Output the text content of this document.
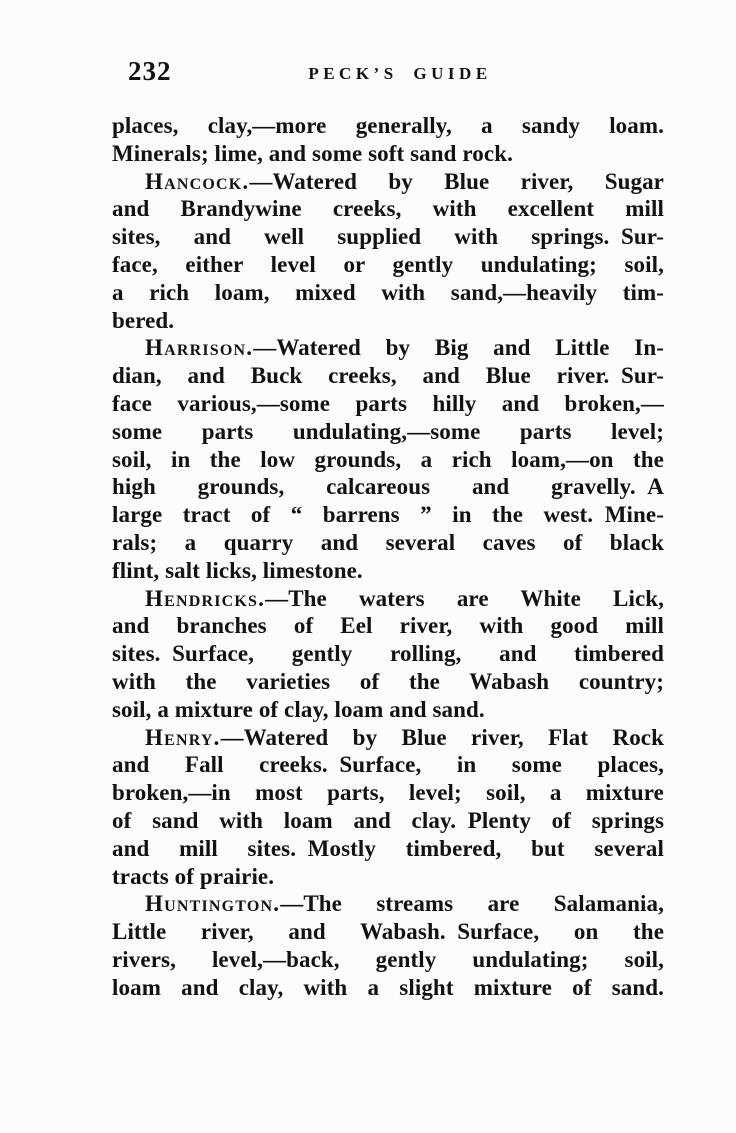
232	PECK’S GUIDE
places, clay,—more generally, a sandy loam.
Minerals; lime, and some soft sand rock.
Hancock.—Watered by Blue river, Sugar
and Brandywine creeks, with excellent mill
sites, and well supplied with springs. Sur-
face, either level or gently undulating; soil,
a rich loam, mixed with sand,—heavily tim-
bered.
Harrison.—Watered by Big and Little In-
dian, and Buck creeks, and Blue river. Sur-
face various,—some parts hilly and broken,—
some parts undulating,—some parts level;
soil, in the low grounds, a rich loam,—on the
high grounds, calcareous and gravelly. A
large tract of “ barrens ” in the west. Mine-
rals; a quarry and several caves of black
flint, salt licks, limestone.
Hendricks.—The waters are White Lick,
and branches of Eel river, with good mill
sites. Surface, gently rolling, and timbered
with the varieties of the Wabash country;
soil, a mixture of clay, loam and sand.
Henry.—Watered by Blue river, Flat Rock
and Fall creeks. Surface, in some places,
broken,—in most parts, level; soil, a mixture
of sand with loam and clay. Plenty of springs
and mill sites. Mostly timbered, but several
tracts of prairie.
Huntington.—The streams are Salamania,
Little river, and Wabash. Surface, on the
rivers, level,—back, gently undulating; soil,
loam and clay, with a slight mixture of sand.
